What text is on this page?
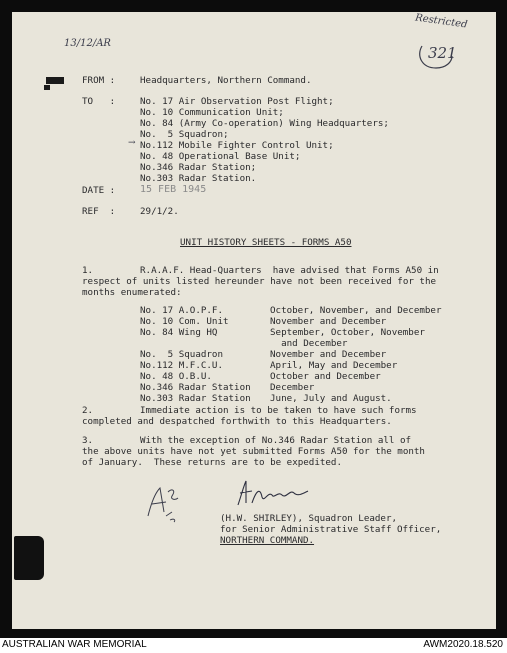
13/12/AR
Restricted
321
FROM :	Headquarters, Northern Command.
TO   :	No. 17 Air Observation Post Flight;
No. 10 Communication Unit;
No. 84 (Army Co-operation) Wing Headquarters;
No.  5 Squadron;
No.112 Mobile Fighter Control Unit;
No. 48 Operational Base Unit;
No.346 Radar Station;
No.303 Radar Station.
→
DATE : 15 FEB 1945
REF  :	29/1/2.
UNIT HISTORY SHEETS - FORMS A50
1.	R.A.A.F. Head-Quarters  have advised that Forms A50 in
respect of units listed hereunder have not been received for the
months enumerated:
No. 17 A.O.P.F.	October, November, and December
No. 10 Com. Unit	November and December
No. 84 Wing HQ	September, October, November
and December
No.  5 Squadron	November and December
No.112 M.F.C.U.	April, May and December
No. 48 O.B.U.	October and December
No.346 Radar Station December
No.303 Radar Station June, July and August.
2.	Immediate action is to be taken to have such forms
completed and despatched forthwith to this Headquarters.
3.	With the exception of No.346 Radar Station all of
the above units have not yet submitted Forms A50 for the month
of January.  These returns are to be expedited.
(H.W. SHIRLEY), Squadron Leader,
for Senior Administrative Staff Officer,
NORTHERN COMMAND.
AUSTRALIAN WAR MEMORIAL	AWM2020.18.520
